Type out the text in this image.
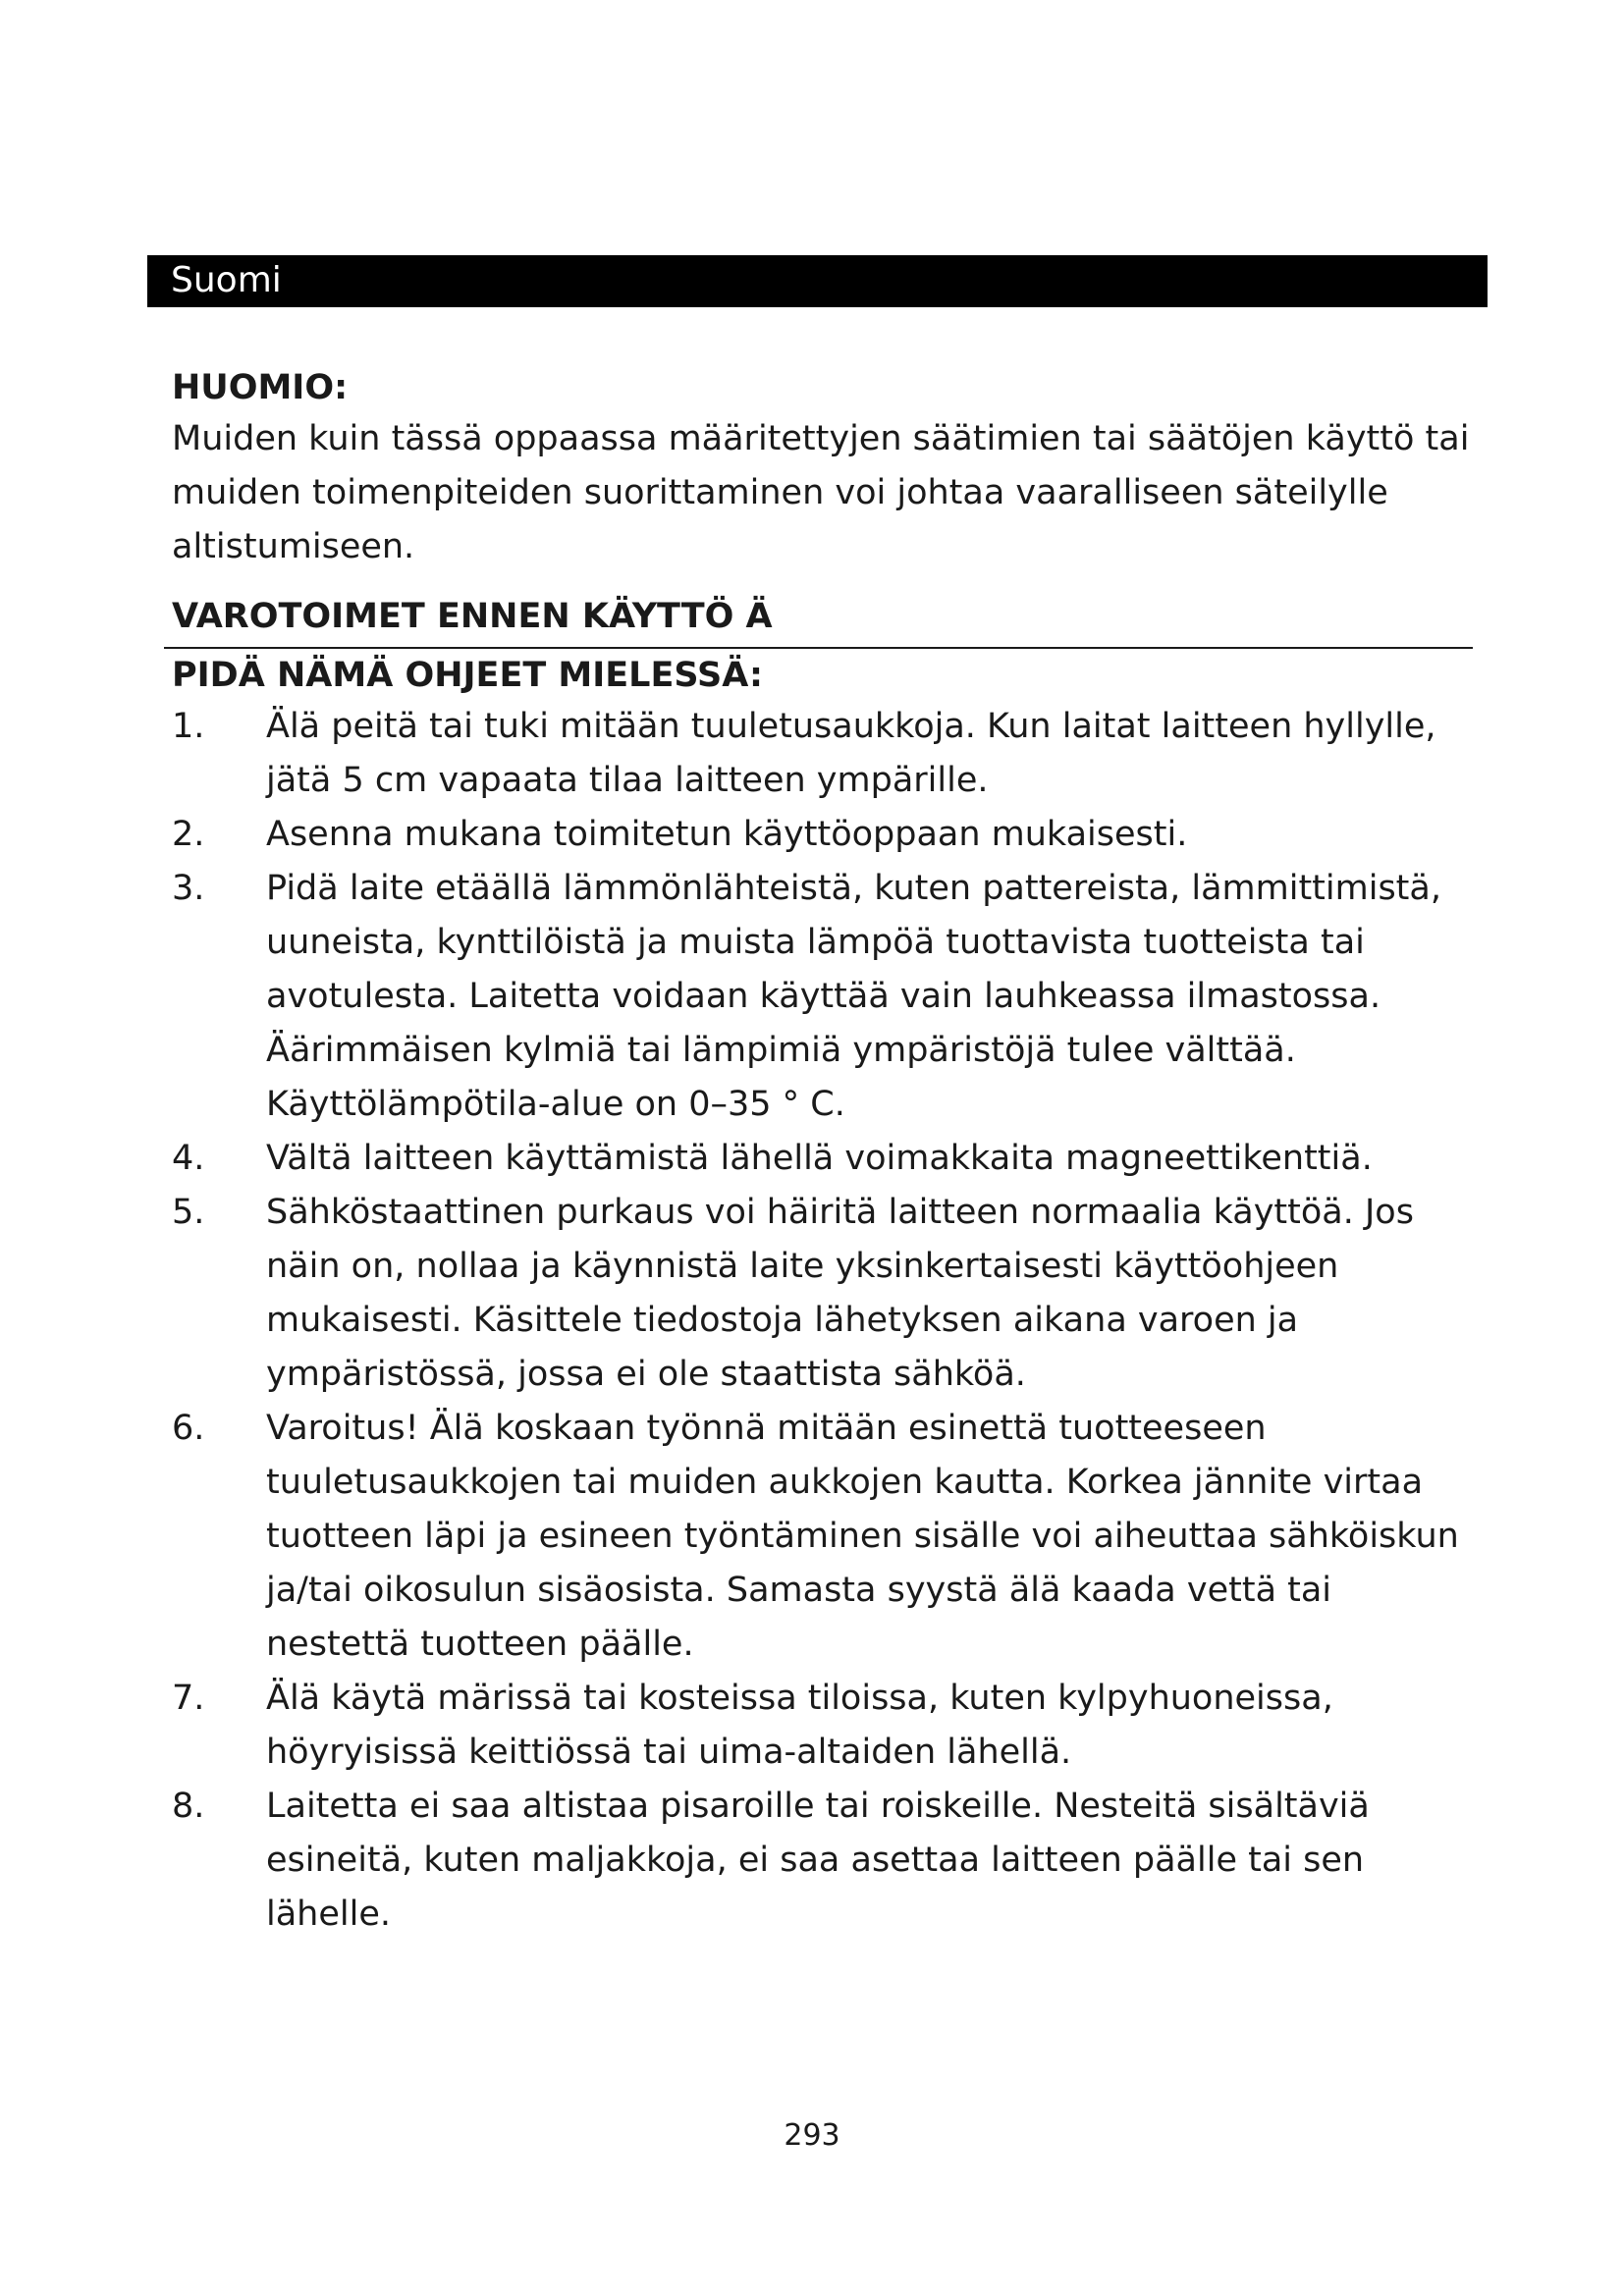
Suomi

HUOMIO:

Muiden kuin tässä oppaassa määritettyjen säätimien tai säätöjen käyttö tai muiden toimenpiteiden suorittaminen voi johtaa vaaralliseen säteilylle altistumiseen.

VAROTOIMET ENNEN KÄYTTÖ Ä

PIDÄ NÄMÄ OHJEET MIELESSÄ:

1. Älä peitä tai tuki mitään tuuletusaukkoja. Kun laitat laitteen hyllylle, jätä 5 cm vapaata tilaa laitteen ympärille.
2. Asenna mukana toimitetun käyttöoppaan mukaisesti.
3. Pidä laite etäällä lämmönlähteistä, kuten pattereista, lämmittimistä, uuneista, kynttilöistä ja muista lämpöä tuottavista tuotteista tai avotulesta. Laitetta voidaan käyttää vain lauhkeassa ilmastossa. Äärimmäisen kylmiä tai lämpimiä ympäristöjä tulee välttää. Käyttölämpötila-alue on 0–35 ° C.
4. Vältä laitteen käyttämistä lähellä voimakkaita magneettikenttiä.
5. Sähköstaattinen purkaus voi häiritä laitteen normaalia käyttöä. Jos näin on, nollaa ja käynnistä laite yksinkertaisesti käyttöohjeen mukaisesti. Käsittele tiedostoja lähetyksen aikana varoen ja ympäristössä, jossa ei ole staattista sähköä.
6. Varoitus! Älä koskaan työnnä mitään esinettä tuotteeseen tuuletusaukkojen tai muiden aukkojen kautta. Korkea jännite virtaa tuotteen läpi ja esineen työntäminen sisälle voi aiheuttaa sähköiskun ja/tai oikosulun sisäosista. Samasta syystä älä kaada vettä tai nestettä tuotteen päälle.
7. Älä käytä märissä tai kosteissa tiloissa, kuten kylpyhuoneissa, höyryisissä keittiössä tai uima-altaiden lähellä.
8. Laitetta ei saa altistaa pisaroille tai roiskeille. Nesteitä sisältäviä esineitä, kuten maljakkoja, ei saa asettaa laitteen päälle tai sen lähelle.
293
